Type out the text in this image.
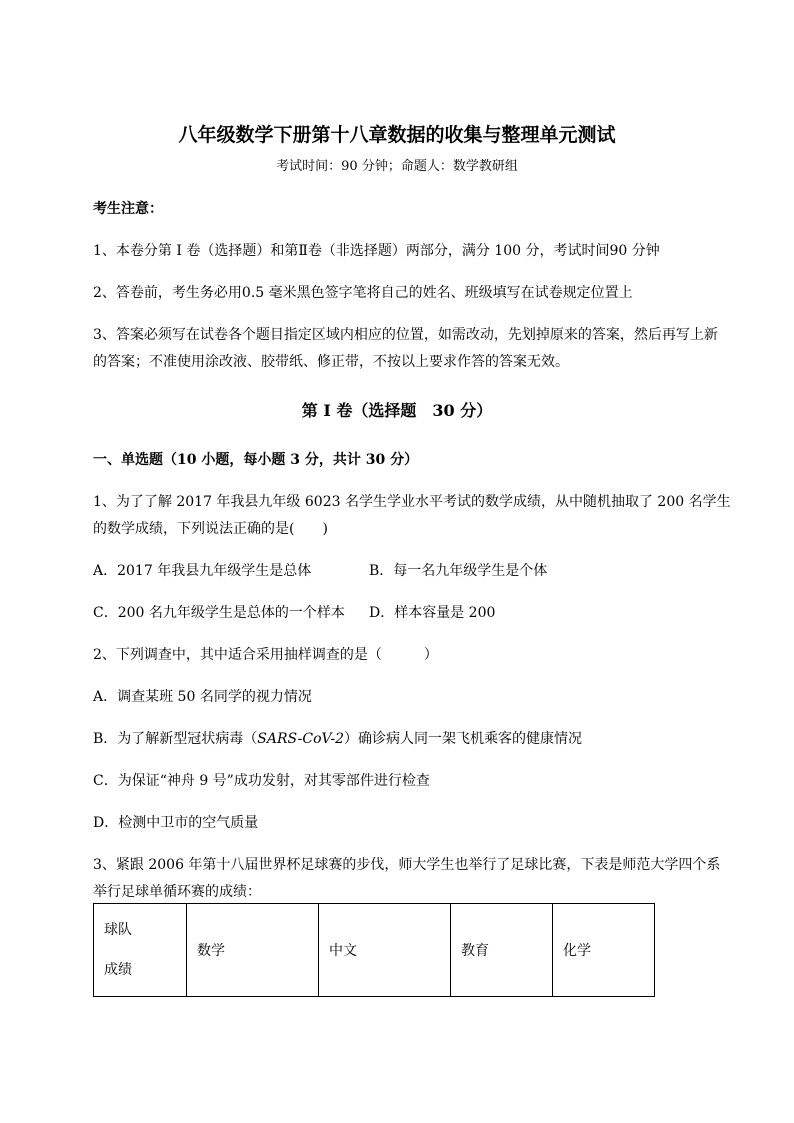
八年级数学下册第十八章数据的收集与整理单元测试
考试时间：90 分钟；命题人：数学教研组
考生注意：
1、本卷分第 I 卷（选择题）和第Ⅱ卷（非选择题）两部分，满分 100 分，考试时间90 分钟
2、答卷前，考生务必用0.5 毫米黑色签字笔将自己的姓名、班级填写在试卷规定位置上
3、答案必须写在试卷各个题目指定区域内相应的位置，如需改动，先划掉原来的答案，然后再写上新
的答案；不准使用涂改液、胶带纸、修正带，不按以上要求作答的答案无效。
第 I 卷（选择题　30 分）
一、单选题（10 小题，每小题 3 分，共计 30 分）
1、为了了解 2017 年我县九年级 6023 名学生学业水平考试的数学成绩，从中随机抽取了 200 名学生
的数学成绩，下列说法正确的是(　　)
A．2017 年我县九年级学生是总体	B．每一名九年级学生是个体
C．200 名九年级学生是总体的一个样本 D．样本容量是 200
2、下列调查中，其中适合采用抽样调查的是（　　　）
A．调查某班 50 名同学的视力情况
B．为了解新型冠状病毒（SARS-CoV-2）确诊病人同一架飞机乘客的健康情况
C．为保证“神舟 9 号”成功发射，对其零部件进行检查
D．检测中卫市的空气质量
3、紧跟 2006 年第十八届世界杯足球赛的步伐，师大学生也举行了足球比赛，下表是师范大学四个系
举行足球单循环赛的成绩：
球队
成绩
	数学	中文	教育	化学
